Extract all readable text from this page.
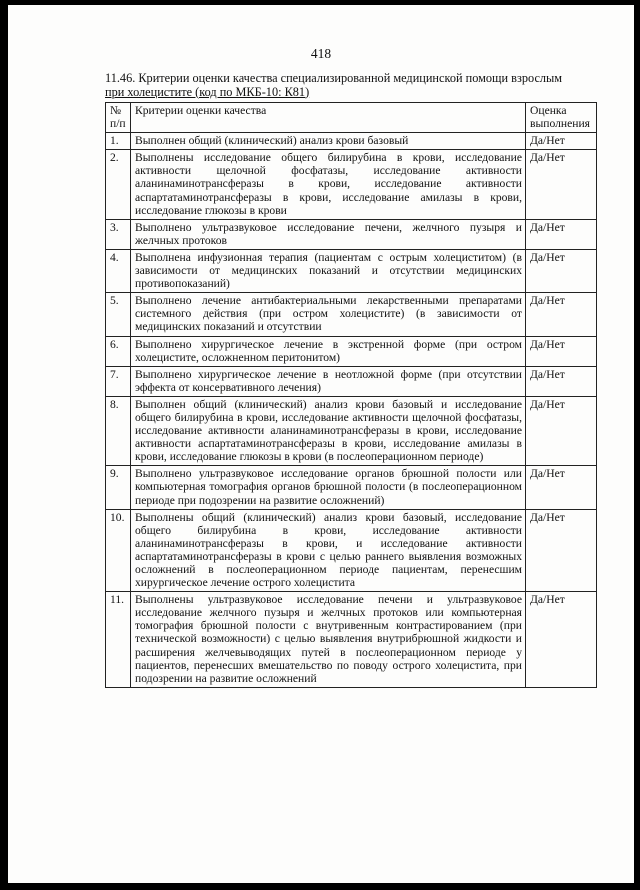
418
11.46. Критерии оценки качества специализированной медицинской помощи взрослым
при холецистите (код по МКБ-10: К81)
№ п/п	Критерии оценки качества	Оценка выполнения
1.	Выполнен общий (клинический) анализ крови базовый	Да/Нет
2.	Выполнены исследование общего билирубина в крови, исследование активности щелочной фосфатазы, исследование активности аланинаминотрансферазы в крови, исследование активности аспартатаминотрансферазы в крови, исследование амилазы в крови, исследование глюкозы в крови	Да/Нет
3.	Выполнено ультразвуковое исследование печени, желчного пузыря и желчных протоков	Да/Нет
4.	Выполнена инфузионная терапия (пациентам с острым холециститом) (в зависимости от медицинских показаний и отсутствии медицинских противопоказаний)	Да/Нет
5.	Выполнено лечение антибактериальными лекарственными препаратами системного действия (при остром холецистите) (в зависимости от медицинских показаний и отсутствии	Да/Нет
6.	Выполнено хирургическое лечение в экстренной форме (при остром холецистите, осложненном перитонитом)	Да/Нет
7.	Выполнено хирургическое лечение в неотложной форме (при отсутствии эффекта от консервативного лечения)	Да/Нет
8.	Выполнен общий (клинический) анализ крови базовый и исследование общего билирубина в крови, исследование активности щелочной фосфатазы, исследование активности аланинаминотрансферазы в крови, исследование активности аспартатаминотрансферазы в крови, исследование амилазы в крови, исследование глюкозы в крови (в послеоперационном периоде)	Да/Нет
9.	Выполнено ультразвуковое исследование органов брюшной полости или компьютерная томография органов брюшной полости (в послеоперационном периоде при подозрении на развитие осложнений)	Да/Нет
10.	Выполнены общий (клинический) анализ крови базовый, исследование общего билирубина в крови, исследование активности аланинаминотрансферазы в крови, и исследование активности аспартатаминотрансферазы в крови с целью раннего выявления возможных осложнений в послеоперационном периоде пациентам, перенесшим хирургическое лечение острого холецистита	Да/Нет
11.	Выполнены ультразвуковое исследование печени и ультразвуковое исследование желчного пузыря и желчных протоков или компьютерная томография брюшной полости с внутривенным контрастированием (при технической возможности) с целью выявления внутрибрюшной жидкости и расширения желчевыводящих путей в послеоперационном периоде у пациентов, перенесших вмешательство по поводу острого холецистита, при подозрении на развитие осложнений	Да/Нет
